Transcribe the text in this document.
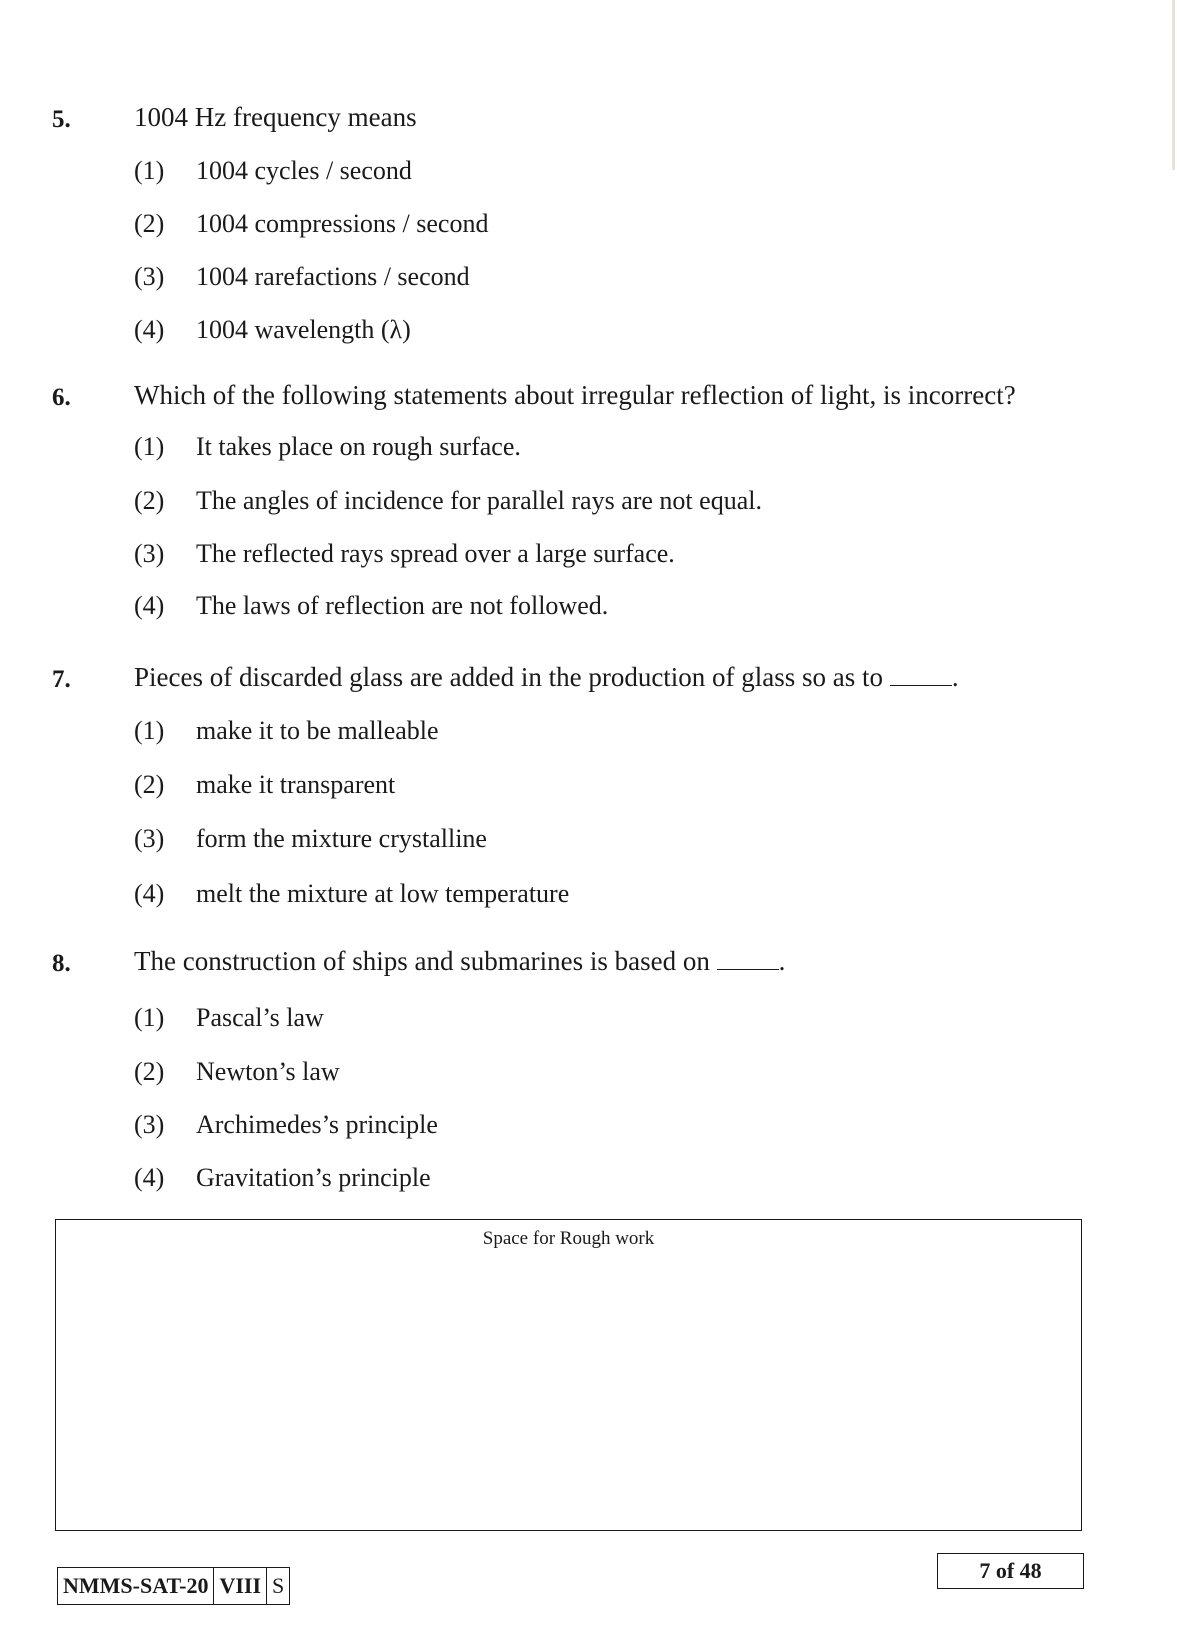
5. 1004 Hz frequency means
(1) 1004 cycles / second
(2) 1004 compressions / second
(3) 1004 rarefactions / second
(4) 1004 wavelength (λ)
6. Which of the following statements about irregular reflection of light, is incorrect?
(1) It takes place on rough surface.
(2) The angles of incidence for parallel rays are not equal.
(3) The reflected rays spread over a large surface.
(4) The laws of reflection are not followed.
7. Pieces of discarded glass are added in the production of glass so as to	.
(1) make it to be malleable
(2) make it transparent
(3) form the mixture crystalline
(4) melt the mixture at low temperature
8. The construction of ships and submarines is based on	.
(1) Pascal’s law
(2) Newton’s law
(3) Archimedes’s principle
(4) Gravitation’s principle
Space for Rough work
NMMS-SAT-20 VIII S
7 of 48
